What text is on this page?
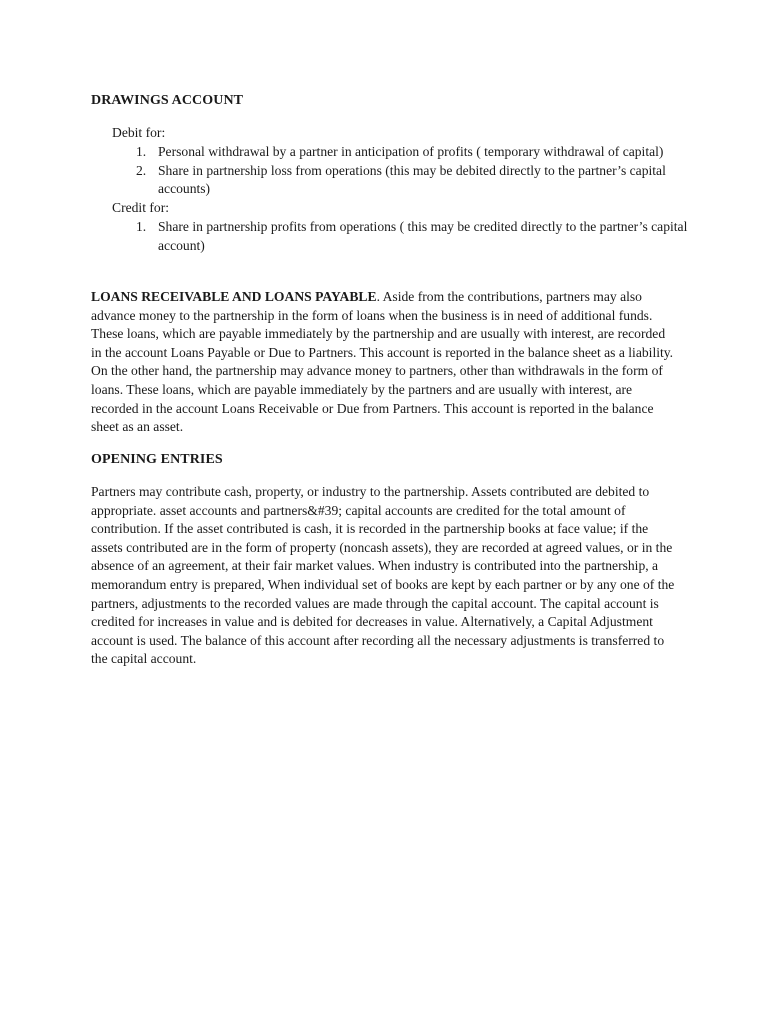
DRAWINGS ACCOUNT
Debit for:
1. Personal withdrawal by a partner in anticipation of profits ( temporary withdrawal of capital)
2. Share in partnership loss from operations (this may be debited directly to the partner’s capital accounts)
Credit for:
1. Share in partnership profits from operations ( this may be credited directly to the partner’s capital account)

LOANS RECEIVABLE AND LOANS PAYABLE. Aside from the contributions, partners may also advance money to the partnership in the form of loans when the business is in need of additional funds. These loans, which are payable immediately by the partnership and are usually with interest, are recorded in the account Loans Payable or Due to Partners. This account is reported in the balance sheet as a liability. On the other hand, the partnership may advance money to partners, other than withdrawals in the form of loans. These loans, which are payable immediately by the partners and are usually with interest, are recorded in the account Loans Receivable or Due from Partners. This account is reported in the balance sheet as an asset.

OPENING ENTRIES

Partners may contribute cash, property, or industry to the partnership. Assets contributed are debited to appropriate. asset accounts and partners&#39; capital accounts are credited for the total amount of contribution. If the asset contributed is cash, it is recorded in the partnership books at face value; if the assets contributed are in the form of property (noncash assets), they are recorded at agreed values, or in the absence of an agreement, at their fair market values. When industry is contributed into the partnership, a memorandum entry is prepared, When individual set of books are kept by each partner or by any one of the partners, adjustments to the recorded values are made through the capital account. The capital account is credited for increases in value and is debited for decreases in value. Alternatively, a Capital Adjustment account is used. The balance of this account after recording all the necessary adjustments is transferred to the capital account.
